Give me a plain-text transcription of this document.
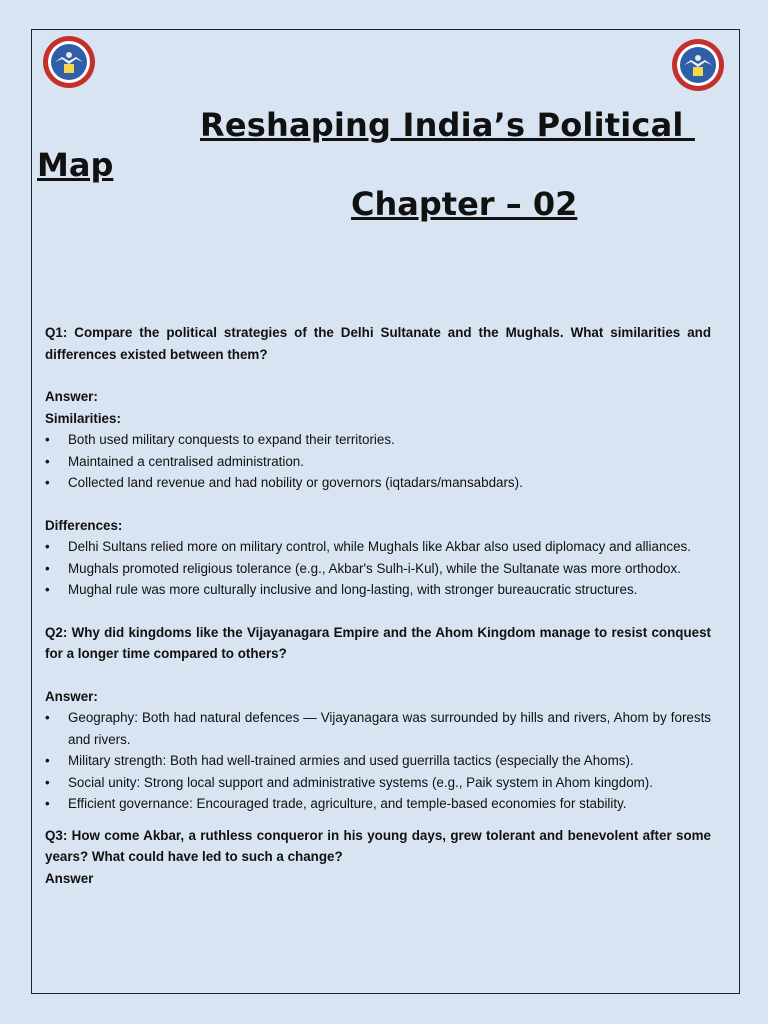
Reshaping India’s Political
Map
Chapter – 02

Q1: Compare the political strategies of the Delhi Sultanate and the Mughals. What similarities and differences existed between them?

Answer:

Similarities:

• Both used military conquests to expand their territories.
• Maintained a centralised administration.
• Collected land revenue and had nobility or governors (iqtadars/mansabdars).

Differences:

• Delhi Sultans relied more on military control, while Mughals like Akbar also used diplomacy and alliances.
• Mughals promoted religious tolerance (e.g., Akbar's Sulh-i-Kul), while the Sultanate was more orthodox.
• Mughal rule was more culturally inclusive and long-lasting, with stronger bureaucratic structures.

Q2: Why did kingdoms like the Vijayanagara Empire and the Ahom Kingdom manage to resist conquest for a longer time compared to others?

Answer:

• Geography: Both had natural defences — Vijayanagara was surrounded by hills and rivers, Ahom by forests and rivers.
• Military strength: Both had well-trained armies and used guerrilla tactics (especially the Ahoms).
• Social unity: Strong local support and administrative systems (e.g., Paik system in Ahom kingdom).
• Efficient governance: Encouraged trade, agriculture, and temple-based economies for stability.

Q3: How come Akbar, a ruthless conqueror in his young days, grew tolerant and benevolent after some years? What could have led to such a change?

Answer
